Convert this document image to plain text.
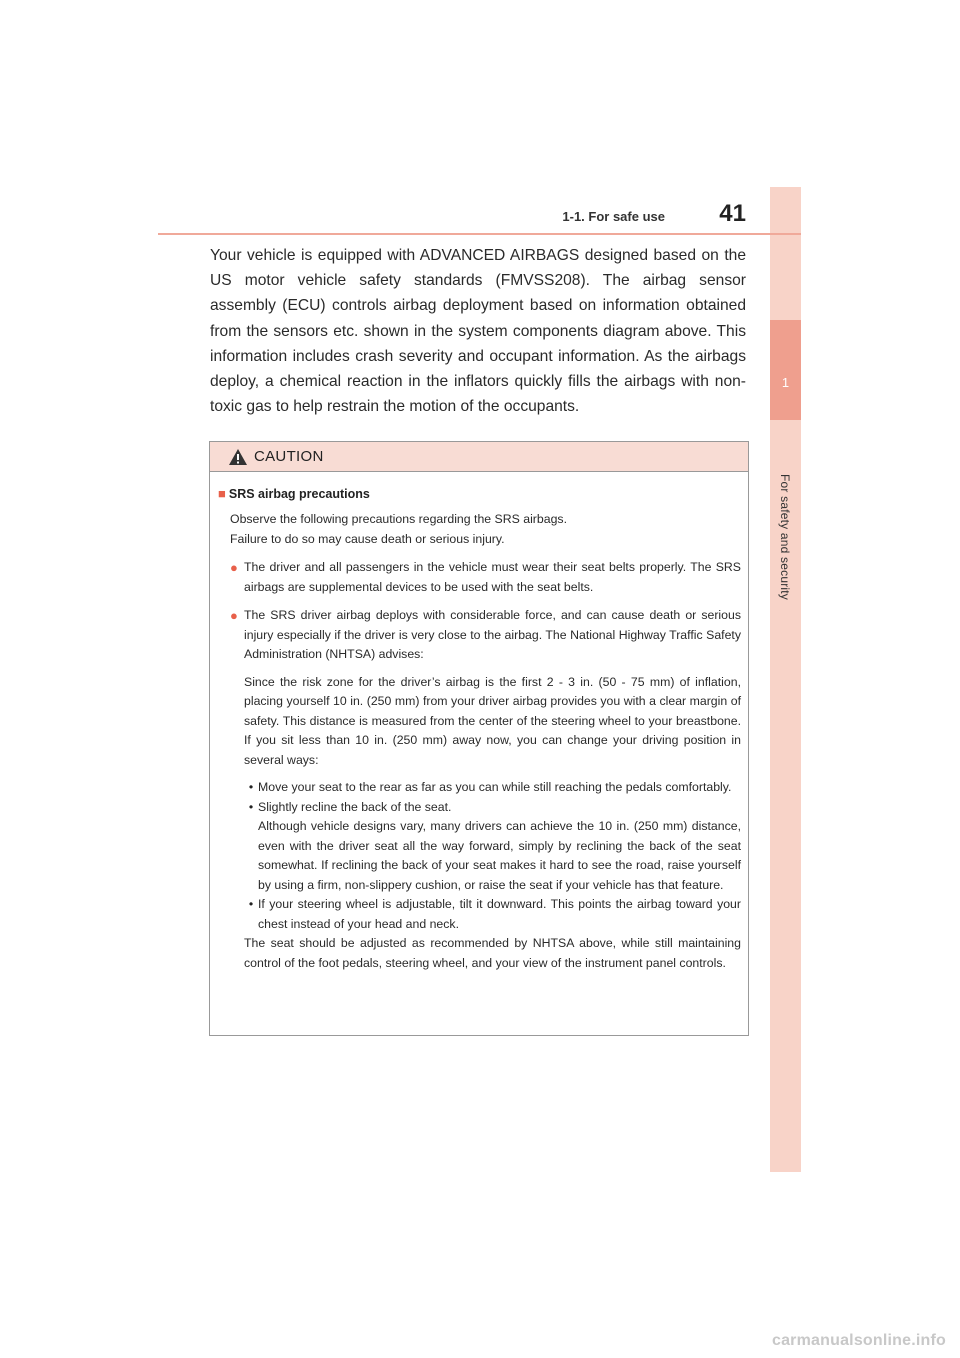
1
For safety and security
1-1. For safe use	41

Your vehicle is equipped with ADVANCED AIRBAGS designed based on the US motor vehicle safety standards (FMVSS208). The airbag sensor assembly (ECU) controls airbag deployment based on information obtained from the sensors etc. shown in the system components diagram above. This information includes crash severity and occupant information. As the airbags deploy, a chemical reaction in the inflators quickly fills the airbags with non-toxic gas to help restrain the motion of the occupants.

CAUTION
■ SRS airbag precautions
Observe the following precautions regarding the SRS airbags.
Failure to do so may cause death or serious injury.
● The driver and all passengers in the vehicle must wear their seat belts properly. The SRS airbags are supplemental devices to be used with the seat belts.
● The SRS driver airbag deploys with considerable force, and can cause death or serious injury especially if the driver is very close to the airbag. The National Highway Traffic Safety Administration (NHTSA) advises:
Since the risk zone for the driver’s airbag is the first 2 - 3 in. (50 - 75 mm) of inflation, placing yourself 10 in. (250 mm) from your driver airbag provides you with a clear margin of safety. This distance is measured from the center of the steering wheel to your breastbone. If you sit less than 10 in. (250 mm) away now, you can change your driving position in several ways:
• Move your seat to the rear as far as you can while still reaching the pedals comfortably.
• Slightly recline the back of the seat.
Although vehicle designs vary, many drivers can achieve the 10 in. (250 mm) distance, even with the driver seat all the way forward, simply by reclining the back of the seat somewhat. If reclining the back of your seat makes it hard to see the road, raise yourself by using a firm, non-slippery cushion, or raise the seat if your vehicle has that feature.
• If your steering wheel is adjustable, tilt it downward. This points the airbag toward your chest instead of your head and neck.
The seat should be adjusted as recommended by NHTSA above, while still maintaining control of the foot pedals, steering wheel, and your view of the instrument panel controls.
carmanualsonline.info
